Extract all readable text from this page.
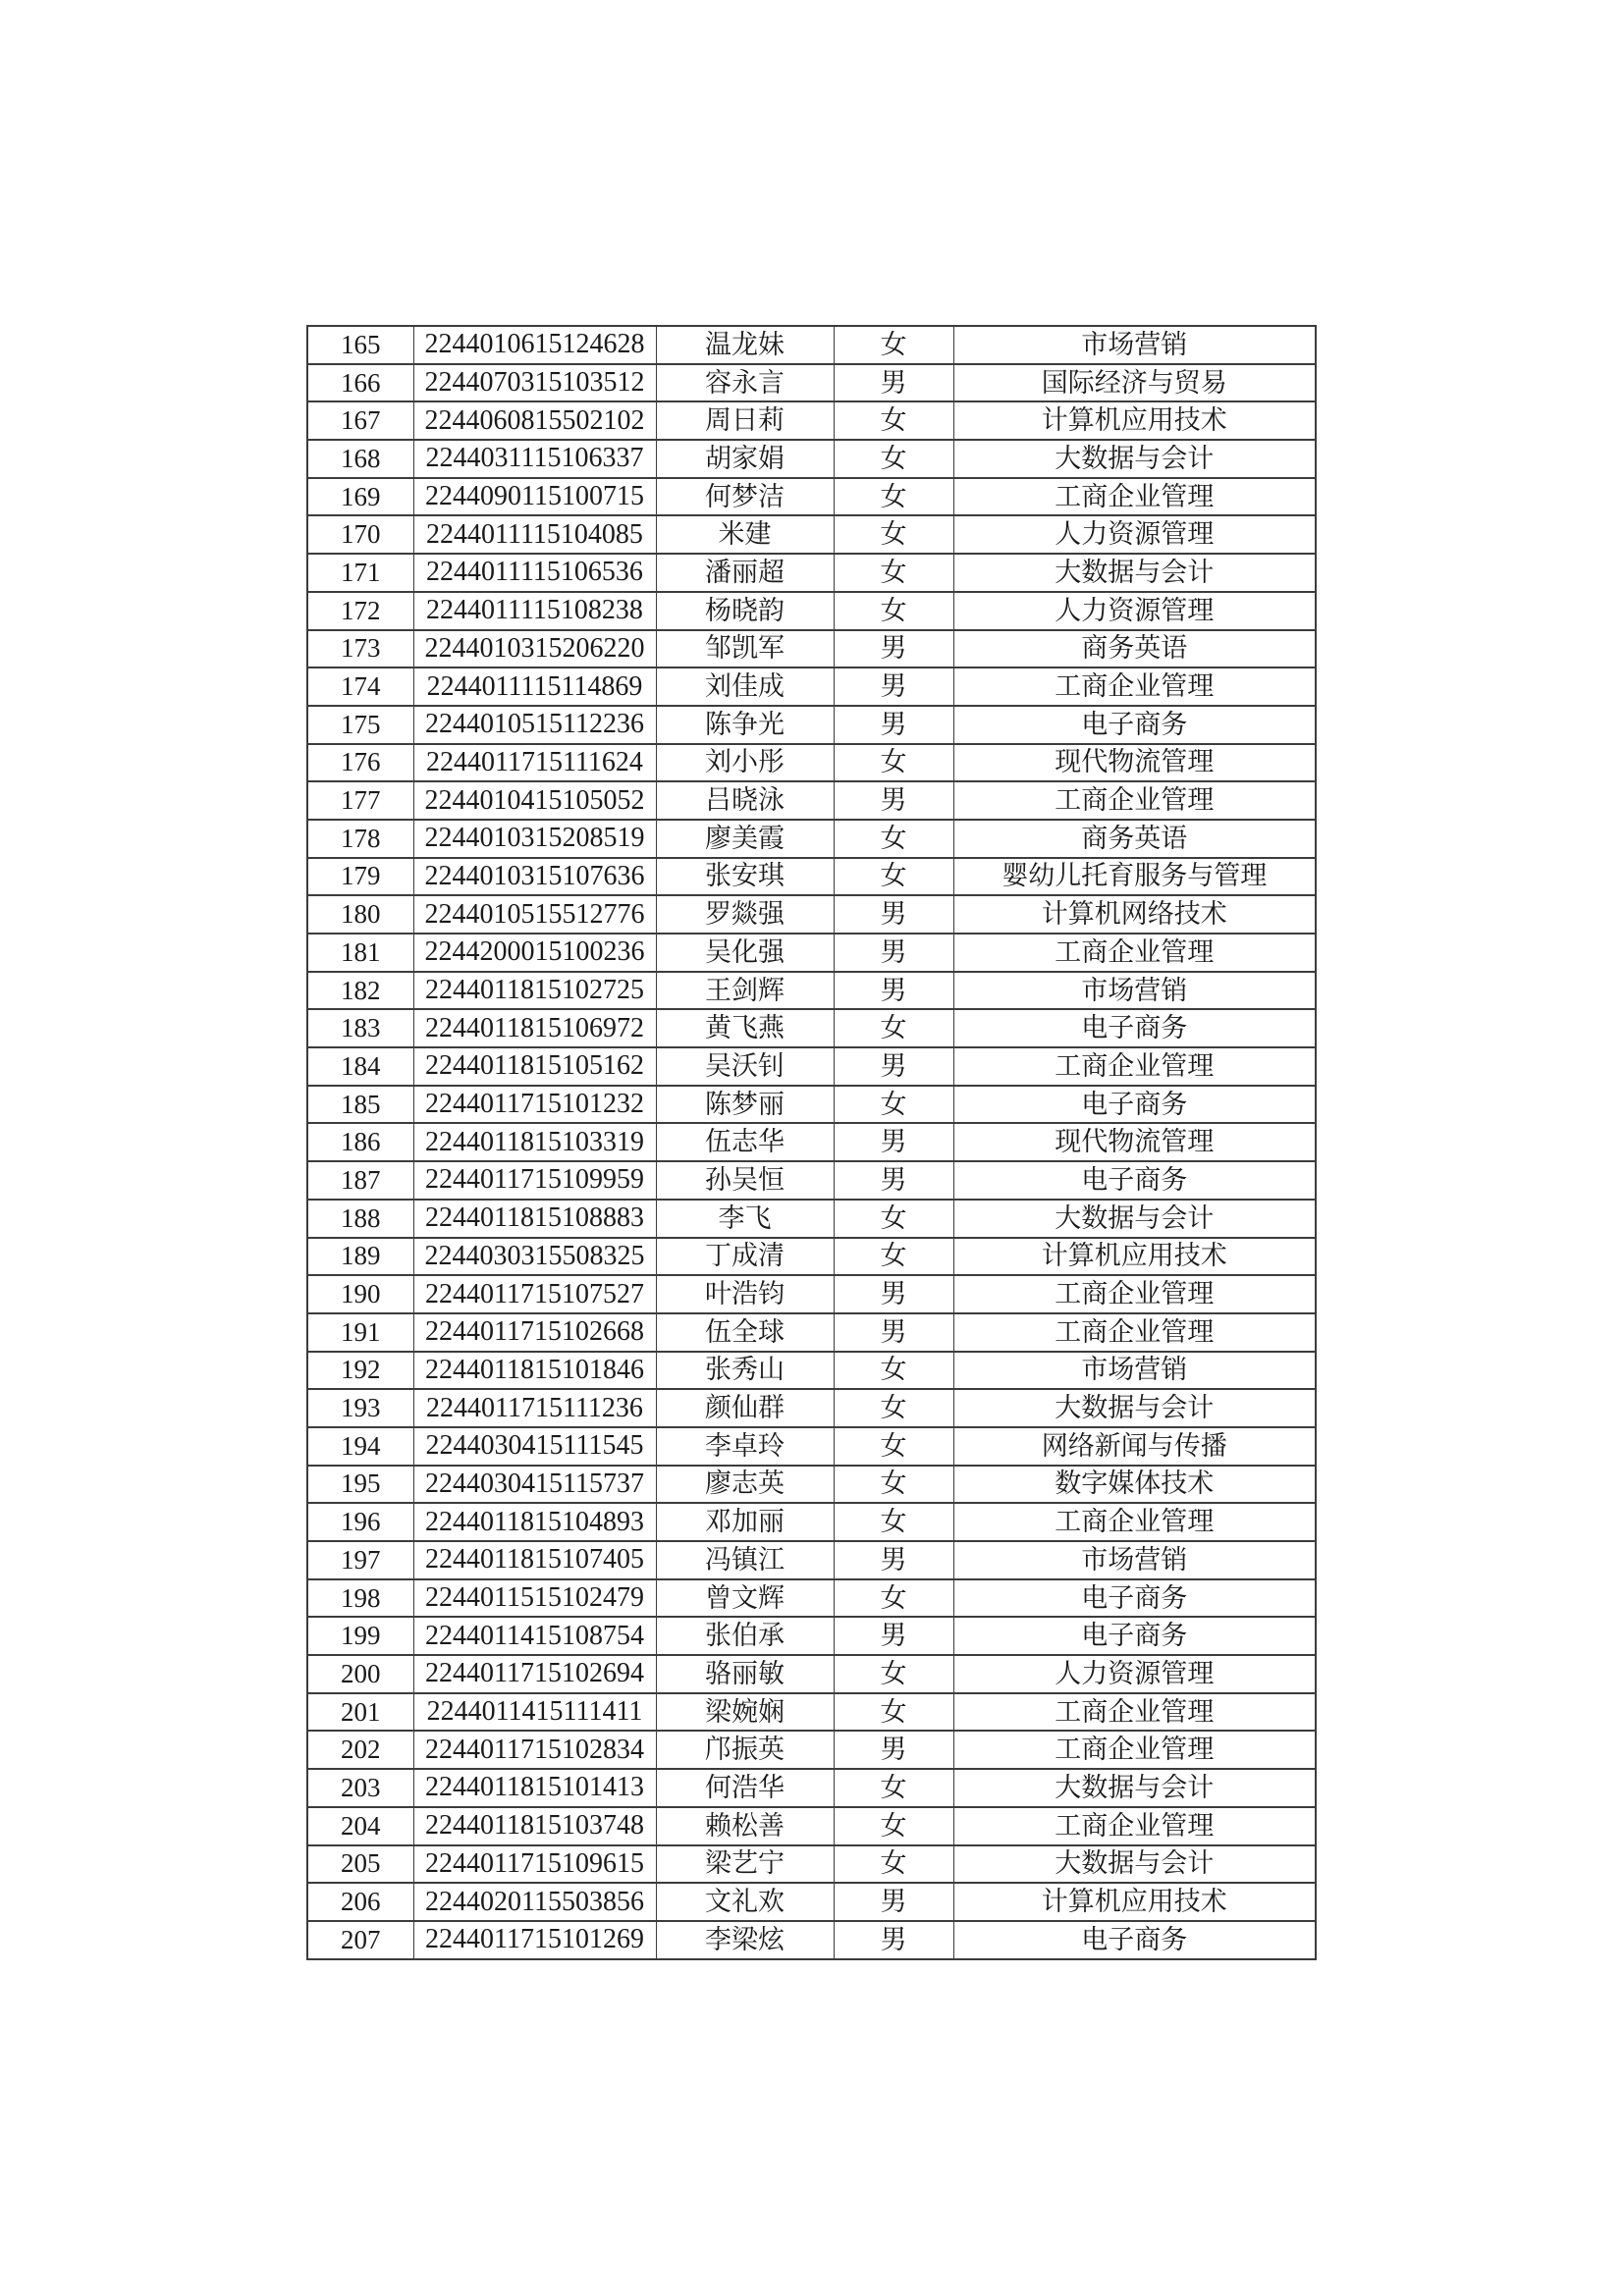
165	2244010615124628	温龙妹	女	市场营销
166	2244070315103512	容永言	男	国际经济与贸易
167	2244060815502102	周日莉	女	计算机应用技术
168	2244031115106337	胡家娟	女	大数据与会计
169	2244090115100715	何梦洁	女	工商企业管理
170	2244011115104085	米建	女	人力资源管理
171	2244011115106536	潘丽超	女	大数据与会计
172	2244011115108238	杨晓韵	女	人力资源管理
173	2244010315206220	邹凯军	男	商务英语
174	2244011115114869	刘佳成	男	工商企业管理
175	2244010515112236	陈争光	男	电子商务
176	2244011715111624	刘小彤	女	现代物流管理
177	2244010415105052	吕晓泳	男	工商企业管理
178	2244010315208519	廖美霞	女	商务英语
179	2244010315107636	张安琪	女	婴幼儿托育服务与管理
180	2244010515512776	罗燚强	男	计算机网络技术
181	2244200015100236	吴化强	男	工商企业管理
182	2244011815102725	王剑辉	男	市场营销
183	2244011815106972	黄飞燕	女	电子商务
184	2244011815105162	吴沃钊	男	工商企业管理
185	2244011715101232	陈梦丽	女	电子商务
186	2244011815103319	伍志华	男	现代物流管理
187	2244011715109959	孙吴恒	男	电子商务
188	2244011815108883	李飞	女	大数据与会计
189	2244030315508325	丁成清	女	计算机应用技术
190	2244011715107527	叶浩钧	男	工商企业管理
191	2244011715102668	伍全球	男	工商企业管理
192	2244011815101846	张秀山	女	市场营销
193	2244011715111236	颜仙群	女	大数据与会计
194	2244030415111545	李卓玲	女	网络新闻与传播
195	2244030415115737	廖志英	女	数字媒体技术
196	2244011815104893	邓加丽	女	工商企业管理
197	2244011815107405	冯镇江	男	市场营销
198	2244011515102479	曾文辉	女	电子商务
199	2244011415108754	张伯承	男	电子商务
200	2244011715102694	骆丽敏	女	人力资源管理
201	2244011415111411	梁婉娴	女	工商企业管理
202	2244011715102834	邝振英	男	工商企业管理
203	2244011815101413	何浩华	女	大数据与会计
204	2244011815103748	赖松善	女	工商企业管理
205	2244011715109615	梁艺宁	女	大数据与会计
206	2244020115503856	文礼欢	男	计算机应用技术
207	2244011715101269	李梁炫	男	电子商务
